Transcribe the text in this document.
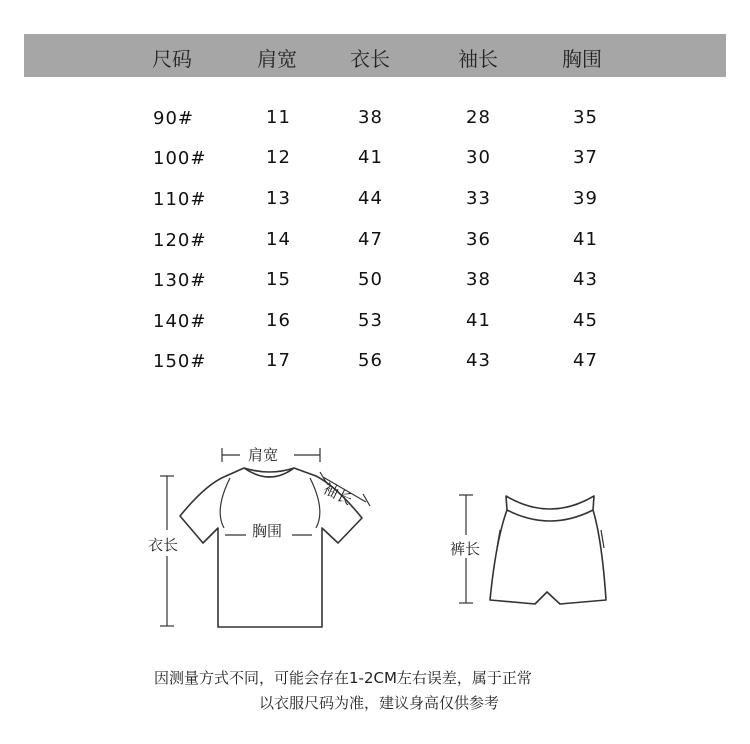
尺码	肩宽	衣长	袖长	胸围
90#	11	38	28	35
100#	12	41	30	37
110#	13	44	33	39
120#	14	47	36	41
130#	15	50	38	43
140#	16	53	41	45
150#	17	56	43	47
肩宽
袖长
胸围
衣长	裤长
因测量方式不同，可能会存在1-2CM左右误差，属于正常
以衣服尺码为准，建议身高仅供参考
